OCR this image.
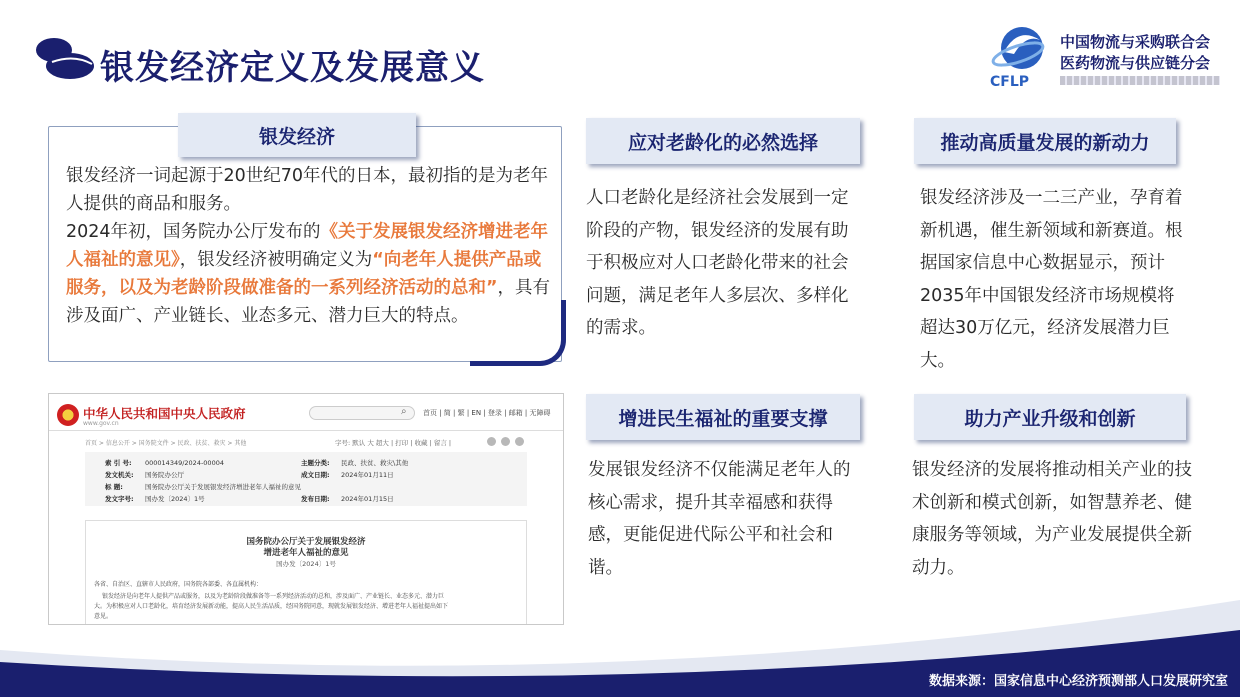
银发经济定义及发展意义	CFLP
中国物流与采购联合会
医药物流与供应链分会
银发经济
银发经济一词起源于20世纪70年代的日本，最初指的是为老年人提供的商品和服务。
2024年初，国务院办公厅发布的《关于发展银发经济增进老年人福祉的意见》，银发经济被明确定义为“向老年人提供产品或服务，以及为老龄阶段做准备的一系列经济活动的总和”，具有涉及面广、产业链长、业态多元、潜力巨大的特点。
应对老龄化的必然选择
人口老龄化是经济社会发展到一定阶段的产物，银发经济的发展有助于积极应对人口老龄化带来的社会问题，满足老年人多层次、多样化的需求。
推动高质量发展的新动力
银发经济涉及一二三产业，孕育着新机遇，催生新领域和新赛道。根据国家信息中心数据显示，预计2035年中国银发经济市场规模将超达30万亿元，经济发展潜力巨大。
增进民生福祉的重要支撑
发展银发经济不仅能满足老年人的核心需求，提升其幸福感和获得感，更能促进代际公平和社会和谐。
助力产业升级和创新
银发经济的发展将推动相关产业的技术创新和模式创新，如智慧养老、健康服务等领域，为产业发展提供全新动力。
中华人民共和国中央人民政府
www.gov.cn
⌕ 首页 | 简 | 繁 | EN | 登录 | 邮箱 | 无障碍
首页 > 信息公开 > 国务院文件 > 民政、扶贫、救灾 > 其他	字号: 默认 大 超大 | 打印 | 收藏 | 留言 |
索 引 号: 000014349/2024-00004	主题分类: 民政、扶贫、救灾\其他
发文机关: 国务院办公厅	成文日期: 2024年01月11日
标 题:	国务院办公厅关于发展银发经济增进老年人福祉的意见
发文字号: 国办发〔2024〕1号	发布日期: 2024年01月15日
国务院办公厅关于发展银发经济
增进老年人福祉的意见
国办发〔2024〕1号
各省、自治区、直辖市人民政府，国务院各部委、各直属机构：
银发经济是向老年人提供产品或服务，以及为老龄阶段做准备等一系列经济活动的总和，涉及面广、产业链长、业态多元、潜力巨
大。为积极应对人口老龄化，培育经济发展新动能，提高人民生活品质，经国务院同意，现就发展银发经济、增进老年人福祉提出如下
意见。
数据来源：国家信息中心经济预测部人口发展研究室
